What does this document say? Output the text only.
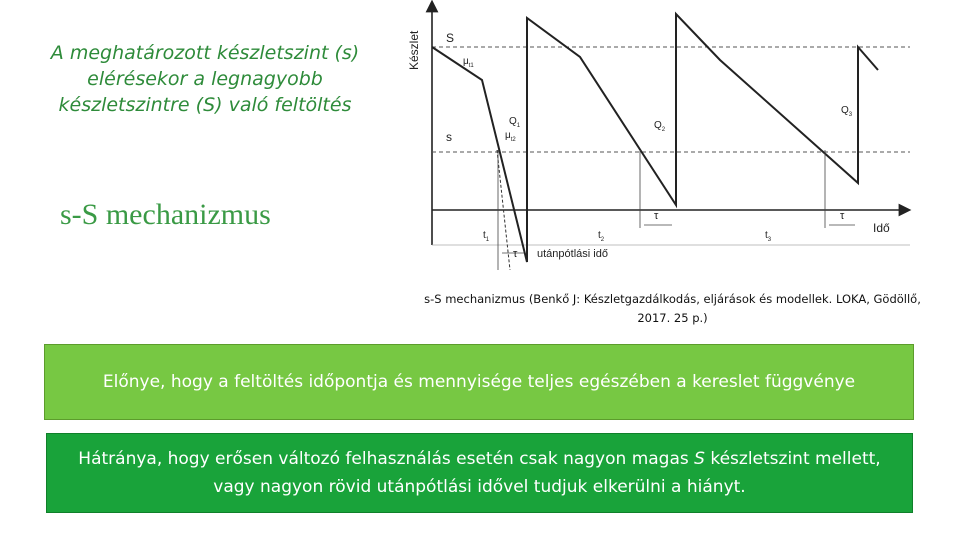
A meghatározott készletszint (s) elérésekor a legnagyobb készletszintre (S) való feltöltés
s-S mechanizmus
Készlet
Idő
S
s
$\mu_{t1}$
$\mu_{t2}$
$Q_1$	$Q_2$
$Q_3$
$t_1$	$t_2$	$t_3$
τ
τ	τ
utánpótlási idő
s-S mechanizmus (Benkő J: Készletgazdálkodás, eljárások és modellek. LOKA, Gödöllő, 2017. 25 p.)
Előnye, hogy a feltöltés időpontja és mennyisége teljes egészében a kereslet függvénye
Hátránya, hogy erősen változó felhasználás esetén csak nagyon magas S készletszint mellett, vagy nagyon rövid utánpótlási idővel tudjuk elkerülni a hiányt.
